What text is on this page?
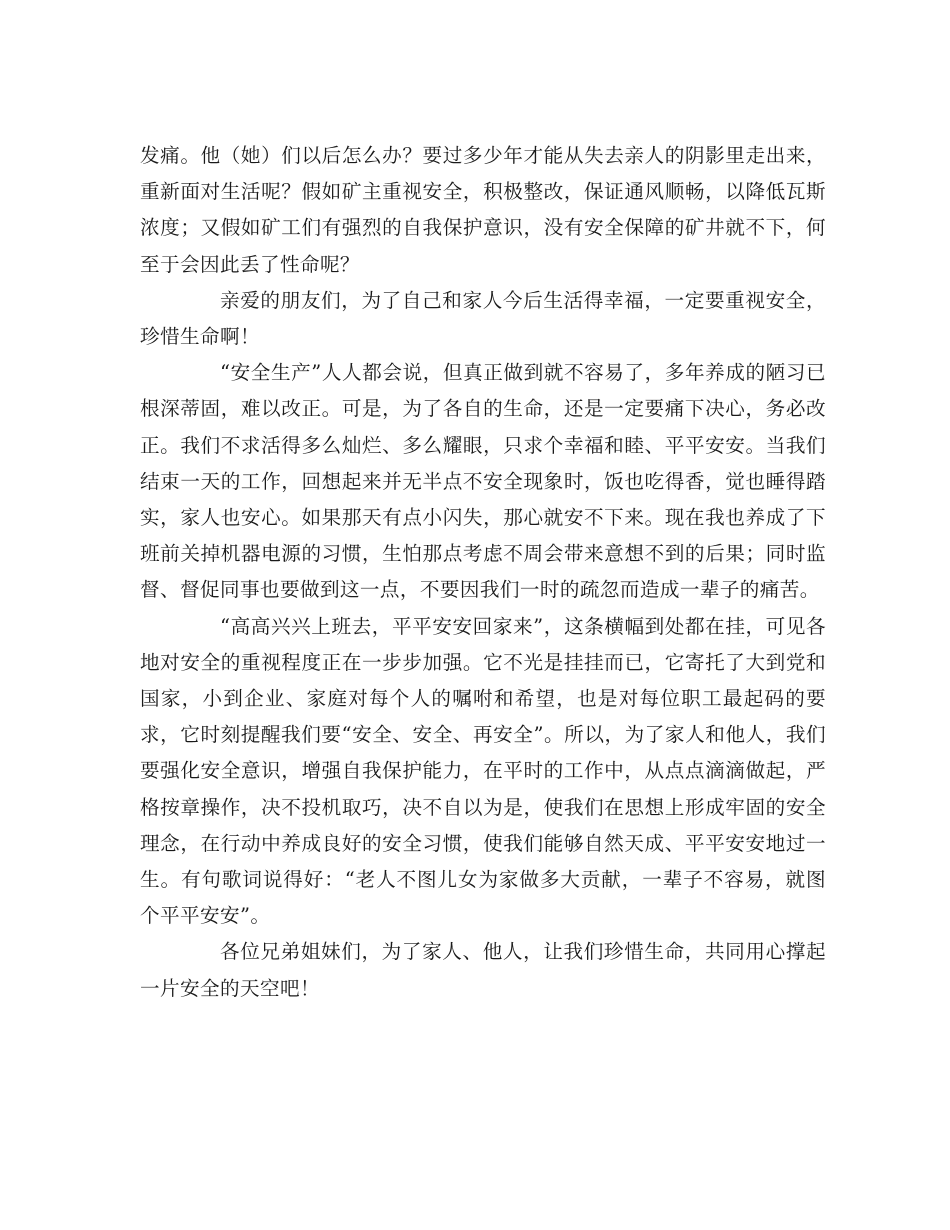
发痛。他（她）们以后怎么办？要过多少年才能从失去亲人的阴影里走出来，重新面对生活呢？假如矿主重视安全，积极整改，保证通风顺畅，以降低瓦斯浓度；又假如矿工们有强烈的自我保护意识，没有安全保障的矿井就不下，何至于会因此丢了性命呢？

亲爱的朋友们，为了自己和家人今后生活得幸福，一定要重视安全，珍惜生命啊！

“安全生产”人人都会说，但真正做到就不容易了，多年养成的陋习已根深蒂固，难以改正。可是，为了各自的生命，还是一定要痛下决心，务必改正。我们不求活得多么灿烂、多么耀眼，只求个幸福和睦、平平安安。当我们结束一天的工作，回想起来并无半点不安全现象时，饭也吃得香，觉也睡得踏实，家人也安心。如果那天有点小闪失，那心就安不下来。现在我也养成了下班前关掉机器电源的习惯，生怕那点考虑不周会带来意想不到的后果；同时监督、督促同事也要做到这一点，不要因我们一时的疏忽而造成一辈子的痛苦。

“高高兴兴上班去，平平安安回家来”，这条横幅到处都在挂，可见各地对安全的重视程度正在一步步加强。它不光是挂挂而已，它寄托了大到党和国家，小到企业、家庭对每个人的嘱咐和希望，也是对每位职工最起码的要求，它时刻提醒我们要“安全、安全、再安全”。所以，为了家人和他人，我们要强化安全意识，增强自我保护能力，在平时的工作中，从点点滴滴做起，严格按章操作，决不投机取巧，决不自以为是，使我们在思想上形成牢固的安全理念，在行动中养成良好的安全习惯，使我们能够自然天成、平平安安地过一生。有句歌词说得好：“老人不图儿女为家做多大贡献，一辈子不容易，就图个平平安安”。

各位兄弟姐妹们，为了家人、他人，让我们珍惜生命，共同用心撑起一片安全的天空吧！
